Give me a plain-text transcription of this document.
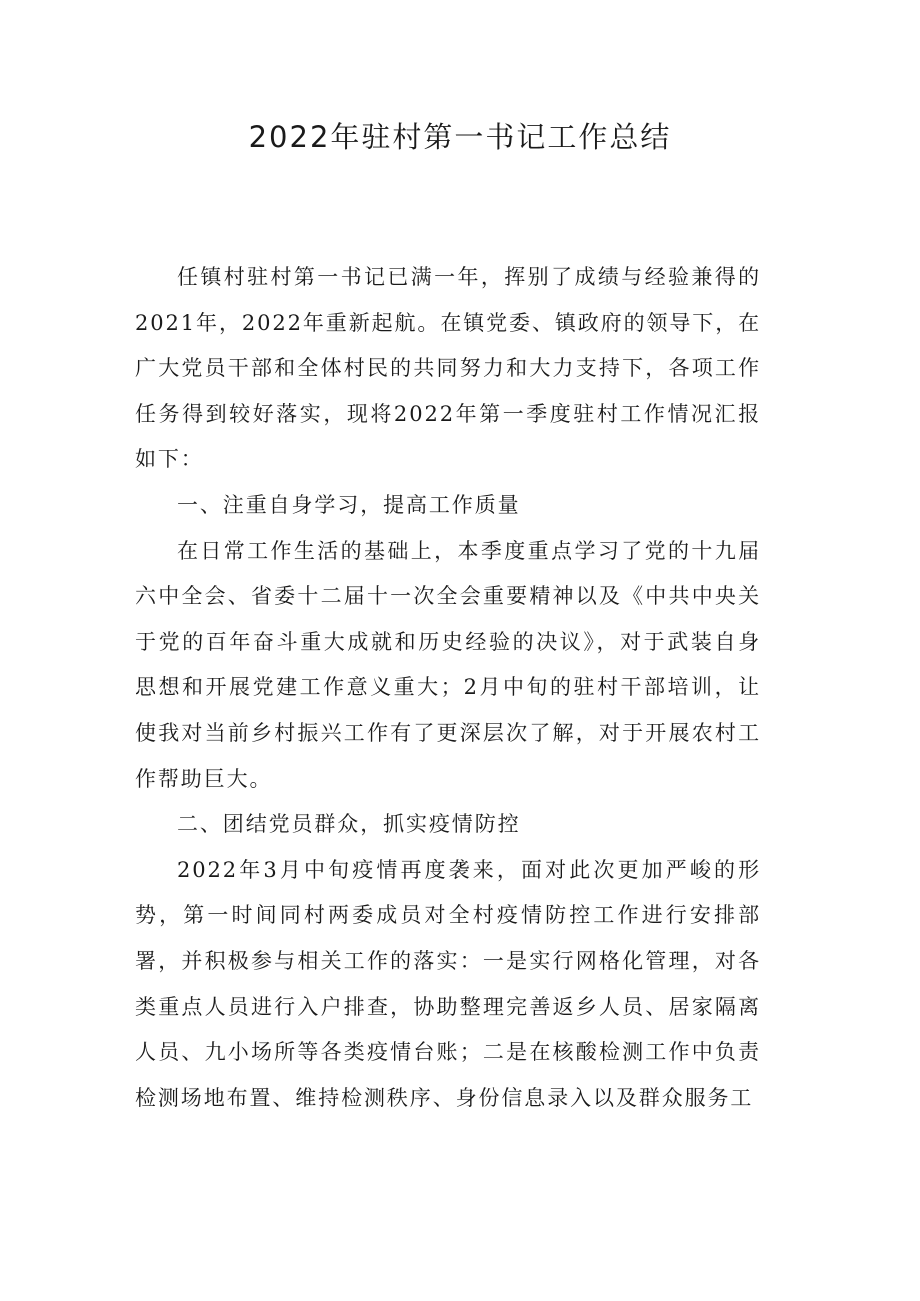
2022年驻村第一书记工作总结

任镇村驻村第一书记已满一年，挥别了成绩与经验兼得的2021年，2022年重新起航。在镇党委、镇政府的领导下，在广大党员干部和全体村民的共同努力和大力支持下，各项工作任务得到较好落实，现将2022年第一季度驻村工作情况汇报如下：

一、注重自身学习，提高工作质量

在日常工作生活的基础上，本季度重点学习了党的十九届六中全会、省委十二届十一次全会重要精神以及《中共中央关于党的百年奋斗重大成就和历史经验的决议》，对于武装自身思想和开展党建工作意义重大；2月中旬的驻村干部培训，让使我对当前乡村振兴工作有了更深层次了解，对于开展农村工作帮助巨大。

二、团结党员群众，抓实疫情防控

2022年3月中旬疫情再度袭来，面对此次更加严峻的形势，第一时间同村两委成员对全村疫情防控工作进行安排部署，并积极参与相关工作的落实：一是实行网格化管理，对各类重点人员进行入户排查，协助整理完善返乡人员、居家隔离人员、九小场所等各类疫情台账；二是在核酸检测工作中负责检测场地布置、维持检测秩序、身份信息录入以及群众服务工
